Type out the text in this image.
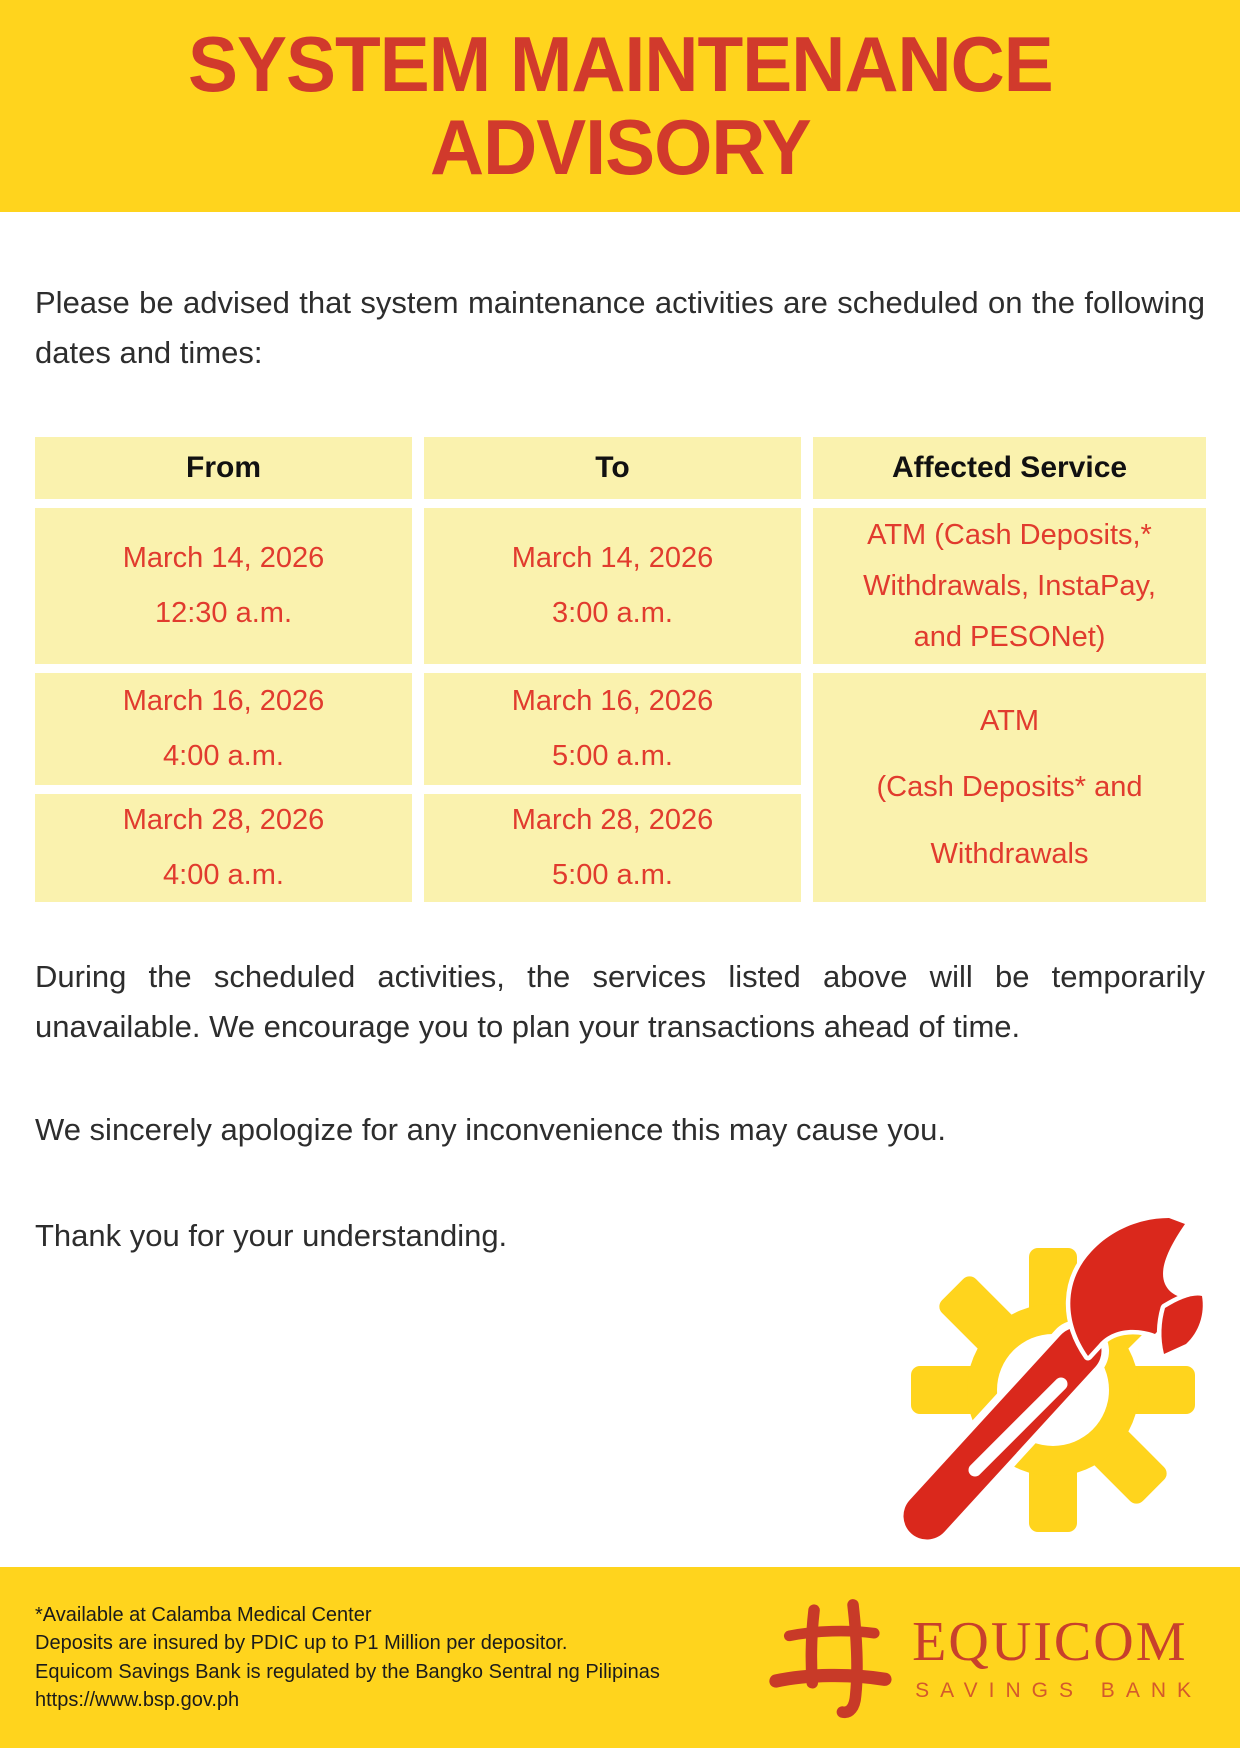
SYSTEM MAINTENANCE
ADVISORY

Please be advised that system maintenance activities are scheduled on the following dates and times:

From	To	Affected Service
March 14, 2026
12:30 a.m.
March 14, 2026
3:00 a.m.
ATM (Cash Deposits,*
Withdrawals, InstaPay,
and PESONet)
March 16, 2026
4:00 a.m.
March 16, 2026
5:00 a.m.
ATM
(Cash Deposits* and
Withdrawals
March 28, 2026
4:00 a.m.
March 28, 2026
5:00 a.m.

During the scheduled activities, the services listed above will be temporarily unavailable. We encourage you to plan your transactions ahead of time.

We sincerely apologize for any inconvenience this may cause you.

Thank you for your understanding.

*Available at Calamba Medical Center
Deposits are insured by PDIC up to P1 Million per depositor.
Equicom Savings Bank is regulated by the Bangko Sentral ng Pilipinas
https://www.bsp.gov.ph
EQUICOM
SAVINGS BANK
